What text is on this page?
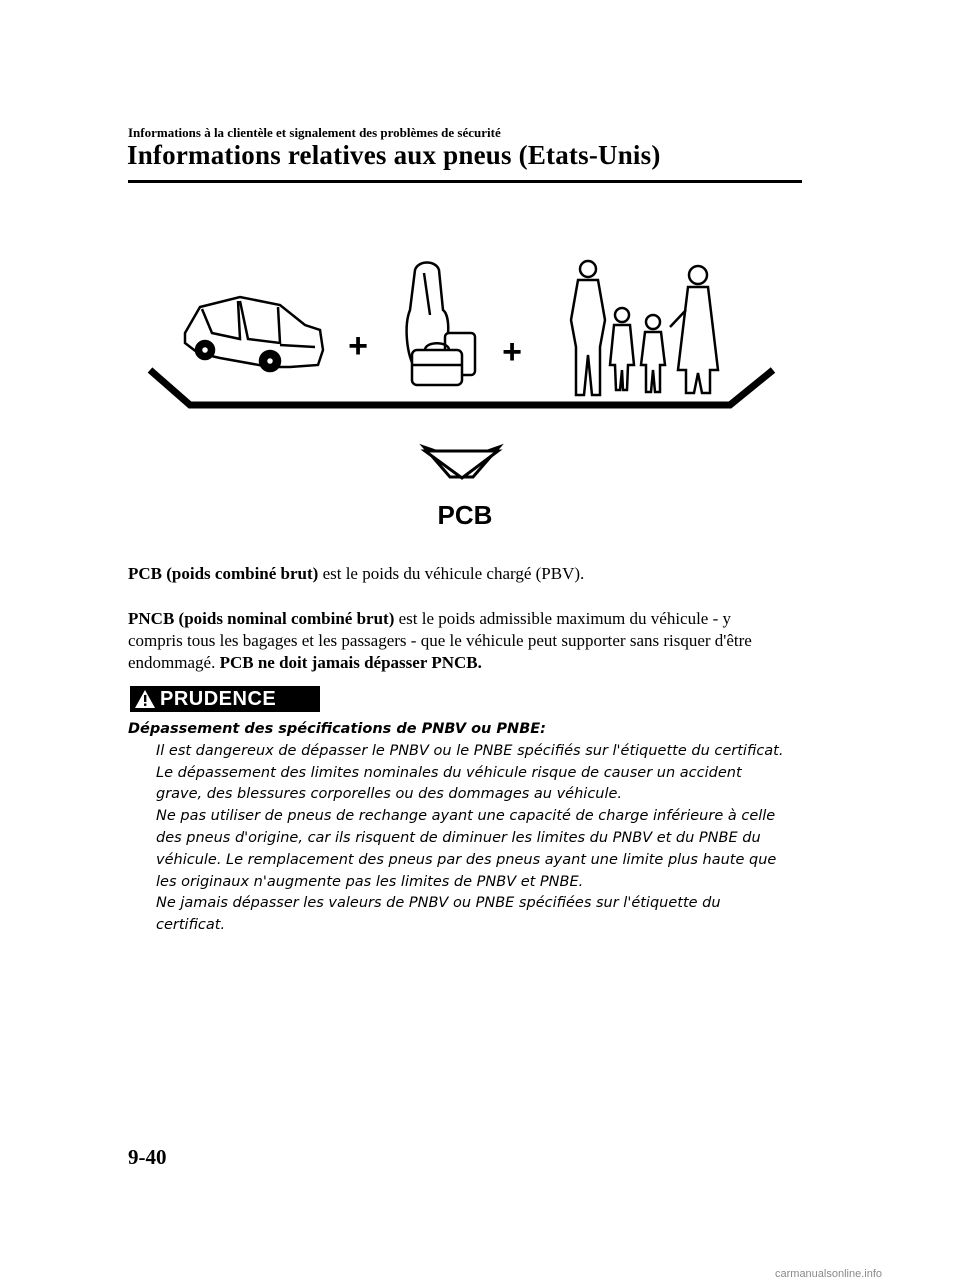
Informations à la clientèle et signalement des problèmes de sécurité
Informations relatives aux pneus (Etats-Unis)
+	+
PCB
PCB (poids combiné brut) est le poids du véhicule chargé (PBV).
PNCB (poids nominal combiné brut) est le poids admissible maximum du véhicule - y
compris tous les bagages et les passagers - que le véhicule peut supporter sans risquer d'être
endommagé. PCB ne doit jamais dépasser PNCB.
PRUDENCE
Dépassement des spécifications de PNBV ou PNBE:
Il est dangereux de dépasser le PNBV ou le PNBE spécifiés sur l'étiquette du certificat.
Le dépassement des limites nominales du véhicule risque de causer un accident
grave, des blessures corporelles ou des dommages au véhicule.
Ne pas utiliser de pneus de rechange ayant une capacité de charge inférieure à celle
des pneus d'origine, car ils risquent de diminuer les limites du PNBV et du PNBE du
véhicule. Le remplacement des pneus par des pneus ayant une limite plus haute que
les originaux n'augmente pas les limites de PNBV et PNBE.
Ne jamais dépasser les valeurs de PNBV ou PNBE spécifiées sur l'étiquette du
certificat.
9-40
carmanualsonline.info
